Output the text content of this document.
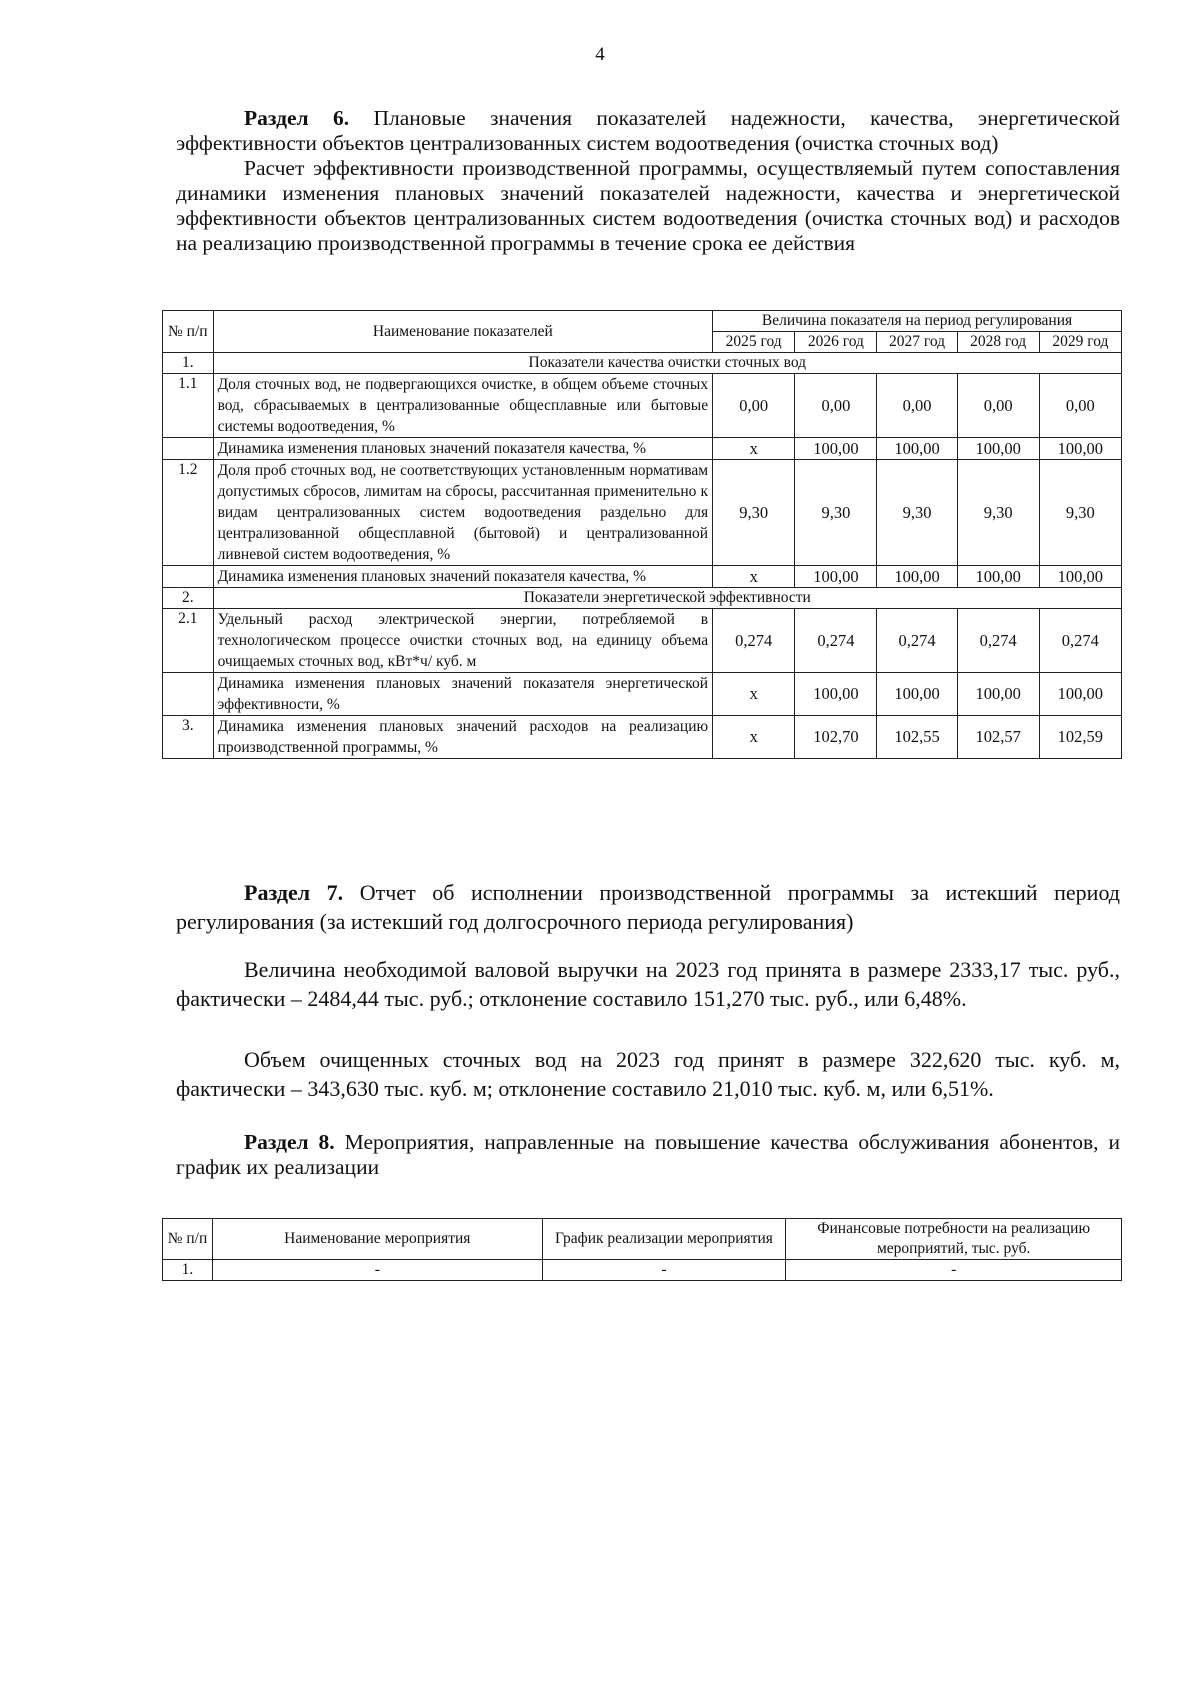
4
Раздел 6. Плановые значения показателей надежности, качества, энергетической эффективности объектов централизованных систем водоотведения (очистка сточных вод)
Расчет эффективности производственной программы, осуществляемый путем сопоставления динамики изменения плановых значений показателей надежности, качества и энергетической эффективности объектов централизованных систем водоотведения (очистка сточных вод) и расходов на реализацию производственной программы в течение срока ее действия
№ п/п	Наименование показателей	Величина показателя на период регулирования				
		2025 год	2026 год	2027 год	2028 год	2029 год
1.	Показатели качества очистки сточных вод					
1.1	Доля сточных вод, не подвергающихся очистке, в общем объеме сточных вод, сбрасываемых в централизованные общесплавные или бытовые системы водоотведения, %	0,00	0,00	0,00	0,00	0,00
	Динамика изменения плановых значений показателя качества, %	х	100,00	100,00	100,00	100,00
1.2	Доля проб сточных вод, не соответствующих установленным нормативам допустимых сбросов, лимитам на сбросы, рассчитанная применительно к видам централизованных систем водоотведения раздельно для централизованной общесплавной (бытовой) и централизованной ливневой систем водоотведения, %	9,30	9,30	9,30	9,30	9,30
	Динамика изменения плановых значений показателя качества, %	х	100,00	100,00	100,00	100,00
2.	Показатели энергетической эффективности					
2.1	Удельный расход электрической энергии, потребляемой в технологическом процессе очистки сточных вод, на единицу объема очищаемых сточных вод, кВт*ч/ куб. м	0,274	0,274	0,274	0,274	0,274
	Динамика изменения плановых значений показателя энергетической эффективности, %	х	100,00	100,00	100,00	100,00
3.	Динамика изменения плановых значений расходов на реализацию производственной программы, %	х	102,70	102,55	102,57	102,59
Раздел 7. Отчет об исполнении производственной программы за истекший период регулирования (за истекший год долгосрочного периода регулирования)
Величина необходимой валовой выручки на 2023 год принята в размере 2333,17 тыс. руб., фактически – 2484,44 тыс. руб.; отклонение составило 151,270 тыс. руб., или 6,48%.
Объем очищенных сточных вод на 2023 год принят в размере 322,620 тыс. куб. м, фактически – 343,630 тыс. куб. м; отклонение составило 21,010 тыс. куб. м, или 6,51%.
Раздел 8. Мероприятия, направленные на повышение качества обслуживания абонентов, и график их реализации
№ п/п	Наименование мероприятия	График реализации мероприятия	Финансовые потребности на реализацию мероприятий, тыс. руб.
1.	-	-	-
